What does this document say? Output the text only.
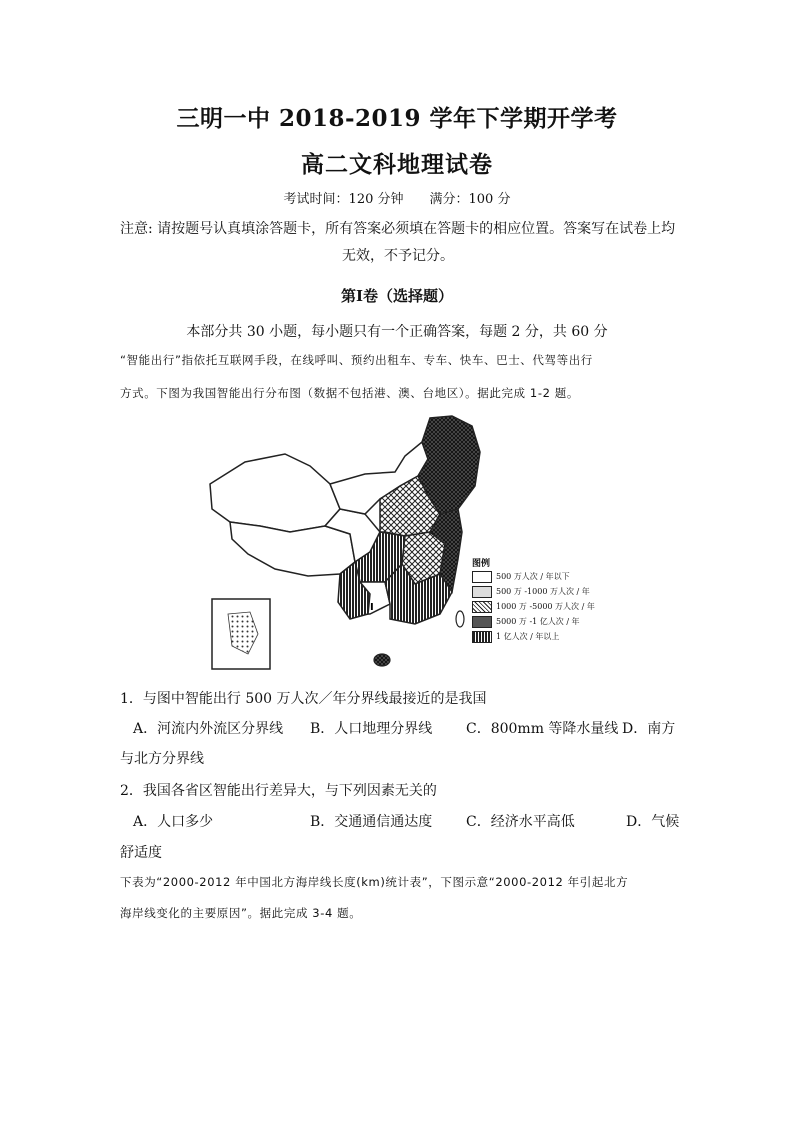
三明一中 2018-2019 学年下学期开学考
高二文科地理试卷
考试时间：120 分钟 满分：100 分
注意: 请按题号认真填涂答题卡，所有答案必须填在答题卡的相应位置。答案写在试卷上均
无效，不予记分。
第Ⅰ卷（选择题）
本部分共 30 小题，每小题只有一个正确答案，每题 2 分，共 60 分
“智能出行”指依托互联网手段，在线呼叫、预约出租车、专车、快车、巴士、代驾等出行
方式。下图为我国智能出行分布图（数据不包括港、澳、台地区）。据此完成 1-2 题。
I
图例
500 万人次 / 年以下
500 万 -1000 万人次 / 年
1000 万 -5000 万人次 / 年
5000 万 -1 亿人次 / 年
1 亿人次 / 年以上
1．与图中智能出行 500 万人次／年分界线最接近的是我国
A．河流内外流区分界线 B．人口地理分界线 C．800mm 等降水量线 D．南方
与北方分界线
2．我国各省区智能出行差异大，与下列因素无关的
A．人口多少	B．交通通信通达度 C．经济水平高低	D．气候
舒适度
下表为“2000-2012 年中国北方海岸线长度(km)统计表”，下图示意“2000-2012 年引起北方
海岸线变化的主要原因”。据此完成 3-4 题。
